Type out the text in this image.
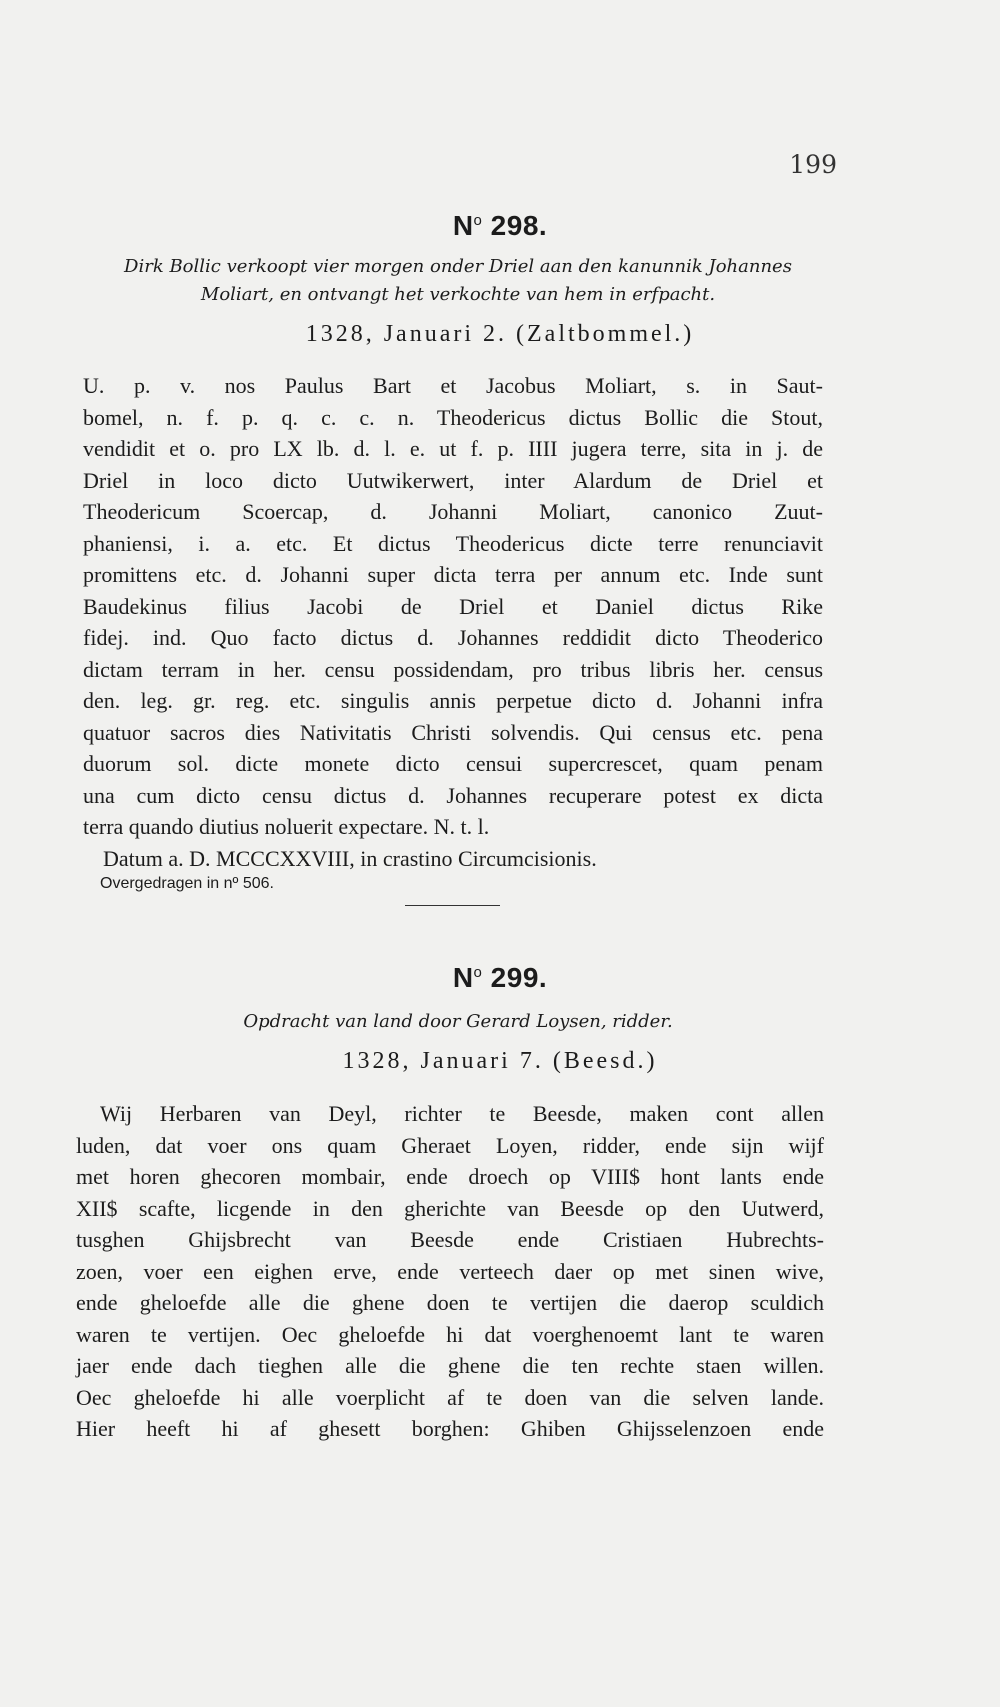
199
$N^o$ 298.
Dirk Bollic verkoopt vier morgen onder Driel aan den kanunnik Johannes
Moliart, en ontvangt het verkochte van hem in erfpacht.
1328, Januari 2. (Zaltbommel.)
U. p. v. nos Paulus Bart et Jacobus Moliart, s. in Saut-
bomel, n. f. p. q. c. c. n. Theodericus dictus Bollic die Stout,
vendidit et o. pro LX lb. d. l. e. ut f. p. IIII jugera terre, sita in j. de
Driel in loco dicto Uutwikerwert, inter Alardum de Driel et
Theodericum Scoercap, d. Johanni Moliart, canonico Zuut-
phaniensi, i. a. etc. Et dictus Theodericus dicte terre renunciavit
promittens etc. d. Johanni super dicta terra per annum etc. Inde sunt
Baudekinus filius Jacobi de Driel et Daniel dictus Rike
fidej. ind. Quo facto dictus d. Johannes reddidit dicto Theoderico
dictam terram in her. censu possidendam, pro tribus libris her. census
den. leg. gr. reg. etc. singulis annis perpetue dicto d. Johanni infra
quatuor sacros dies Nativitatis Christi solvendis. Qui census etc. pena
duorum sol. dicte monete dicto censui supercrescet, quam penam
una cum dicto censu dictus d. Johannes recuperare potest ex dicta
terra quando diutius noluerit expectare. N. t. l.
Datum a. D. MCCCXXVIII, in crastino Circumcisionis.
Overgedragen in nº 506.
$N^o$ 299.
Opdracht van land door Gerard Loysen, ridder.
1328, Januari 7. (Beesd.)
Wij Herbaren van Deyl, richter te Beesde, maken cont allen
luden, dat voer ons quam Gheraet Loyen, ridder, ende sijn wijf
met horen ghecoren mombair, ende droech op VIII$ hont lants ende
XII$ scafte, licgende in den gherichte van Beesde op den Uutwerd,
tusghen Ghijsbrecht van Beesde ende Cristiaen Hubrechts-
zoen, voer een eighen erve, ende verteech daer op met sinen wive,
ende gheloefde alle die ghene doen te vertijen die daerop sculdich
waren te vertijen. Oec gheloefde hi dat voerghenoemt lant te waren
jaer ende dach tieghen alle die ghene die ten rechte staen willen.
Oec gheloefde hi alle voerplicht af te doen van die selven lande.
Hier heeft hi af ghesett borghen: Ghiben Ghijsselenzoen ende
